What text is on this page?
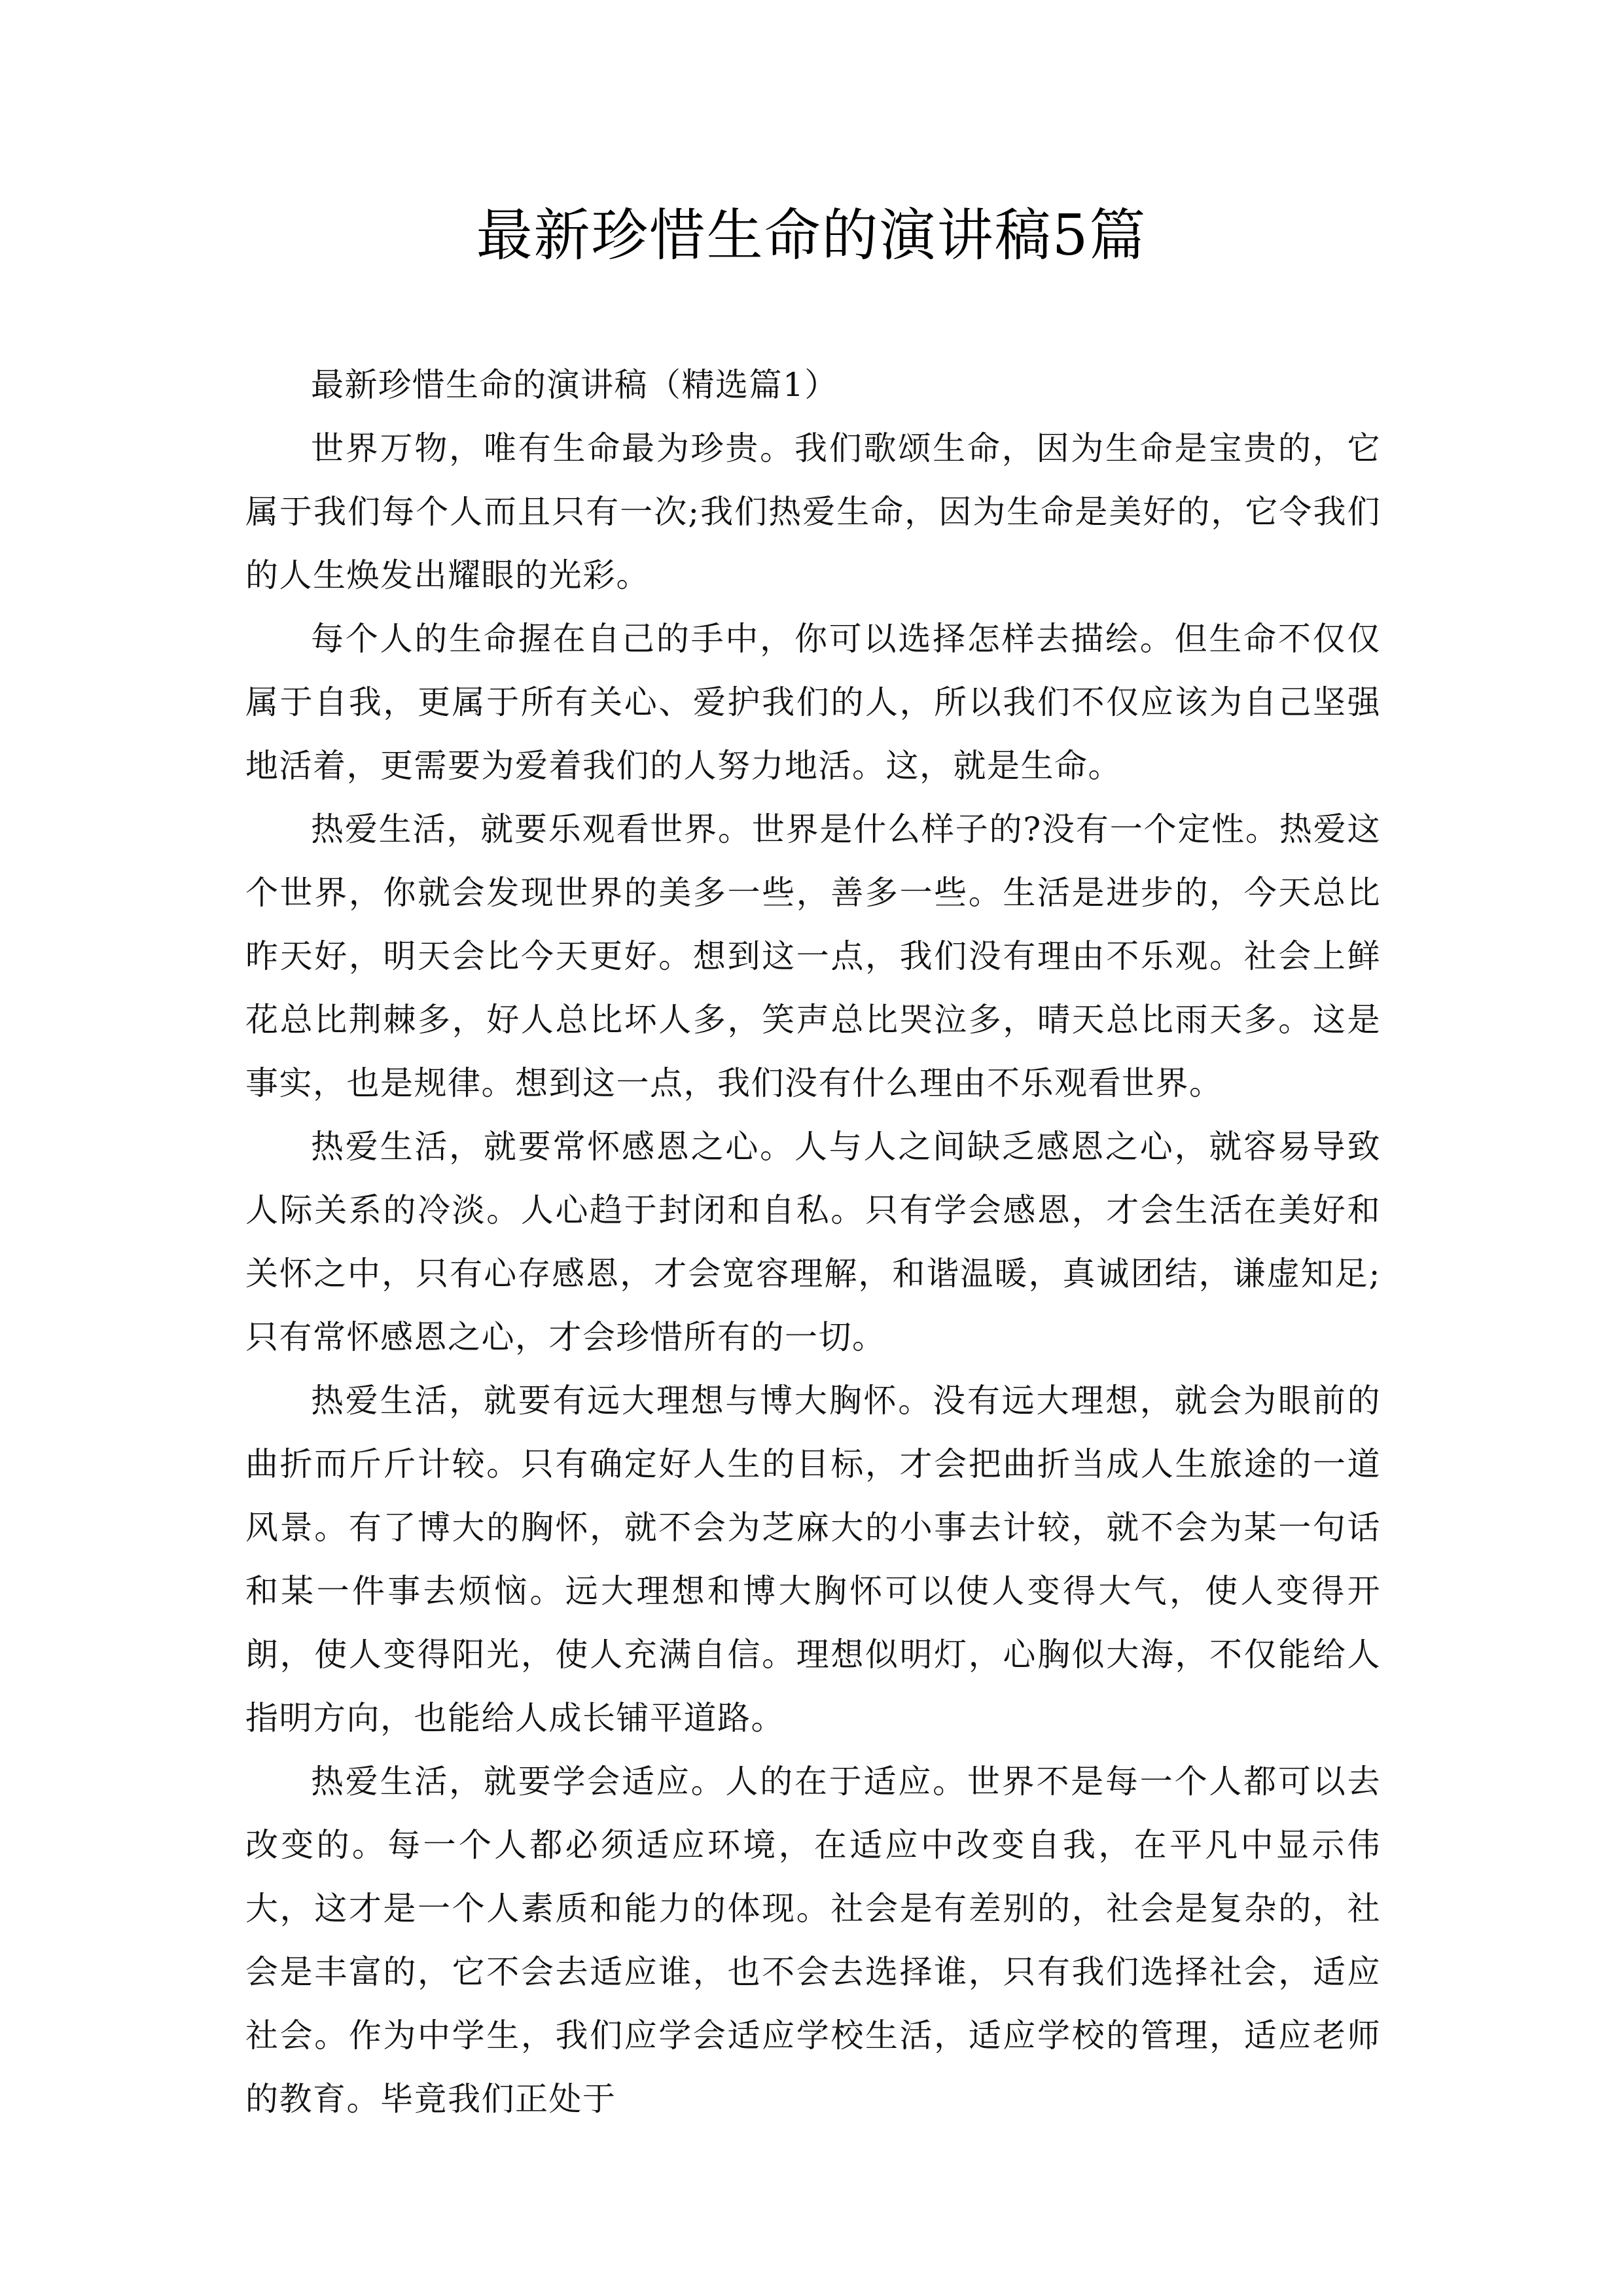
最新珍惜生命的演讲稿5篇

最新珍惜生命的演讲稿（精选篇1）

世界万物，唯有生命最为珍贵。我们歌颂生命，因为生命是宝贵的，它属于我们每个人而且只有一次;我们热爱生命，因为生命是美好的，它令我们的人生焕发出耀眼的光彩。

每个人的生命握在自己的手中，你可以选择怎样去描绘。但生命不仅仅属于自我，更属于所有关心、爱护我们的人，所以我们不仅应该为自己坚强地活着，更需要为爱着我们的人努力地活。这，就是生命。

热爱生活，就要乐观看世界。世界是什么样子的?没有一个定性。热爱这个世界，你就会发现世界的美多一些，善多一些。生活是进步的，今天总比昨天好，明天会比今天更好。想到这一点，我们没有理由不乐观。社会上鲜花总比荆棘多，好人总比坏人多，笑声总比哭泣多，晴天总比雨天多。这是事实，也是规律。想到这一点，我们没有什么理由不乐观看世界。

热爱生活，就要常怀感恩之心。人与人之间缺乏感恩之心，就容易导致人际关系的冷淡。人心趋于封闭和自私。只有学会感恩，才会生活在美好和关怀之中，只有心存感恩，才会宽容理解，和谐温暖，真诚团结，谦虚知足;只有常怀感恩之心，才会珍惜所有的一切。

热爱生活，就要有远大理想与博大胸怀。没有远大理想，就会为眼前的曲折而斤斤计较。只有确定好人生的目标，才会把曲折当成人生旅途的一道风景。有了博大的胸怀，就不会为芝麻大的小事去计较，就不会为某一句话和某一件事去烦恼。远大理想和博大胸怀可以使人变得大气，使人变得开朗，使人变得阳光，使人充满自信。理想似明灯，心胸似大海，不仅能给人指明方向，也能给人成长铺平道路。

热爱生活，就要学会适应。人的在于适应。世界不是每一个人都可以去改变的。每一个人都必须适应环境，在适应中改变自我，在平凡中显示伟大，这才是一个人素质和能力的体现。社会是有差别的，社会是复杂的，社会是丰富的，它不会去适应谁，也不会去选择谁，只有我们选择社会，适应社会。作为中学生，我们应学会适应学校生活，适应学校的管理，适应老师的教育。毕竟我们正处于
